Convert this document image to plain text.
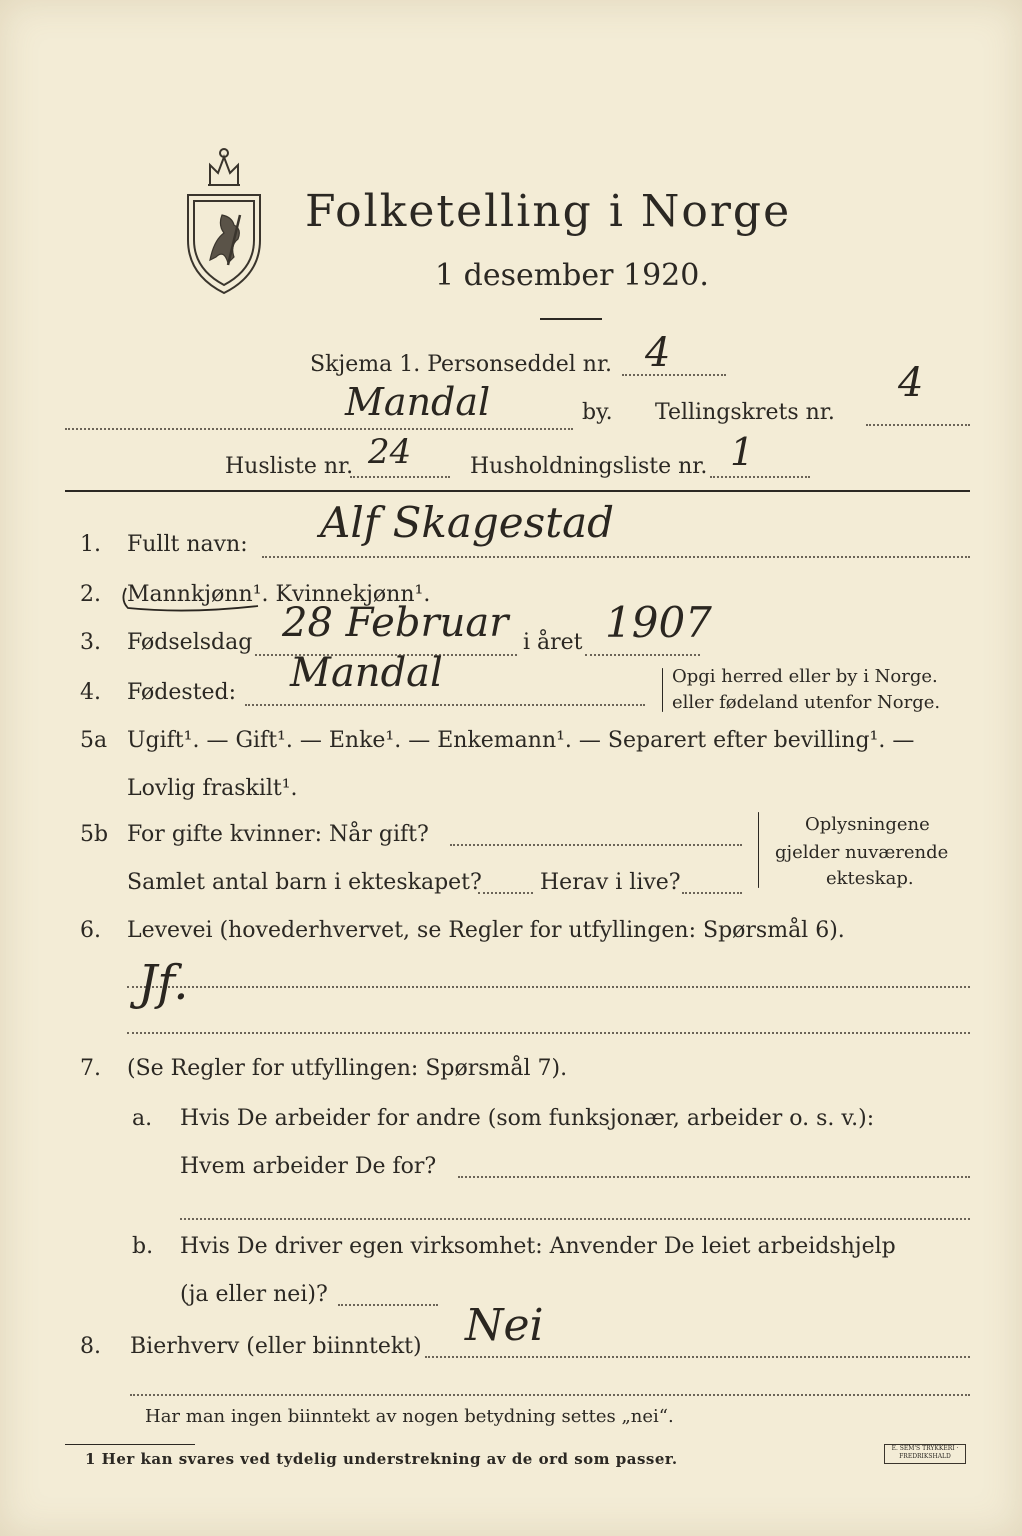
Folketelling i Norge
1 desember 1920.
Skjema 1. Personseddel nr. 4
Mandal	by. Tellingskrets nr.
4
Husliste nr. 24	Husholdningsliste nr. 1
1. Fullt navn: Alf Skagestad
2. Mannkjønn¹. Kvinnekjønn¹.
3. Fødselsdag 28 Februar i året 1907
4. Fødested: Mandal	Opgi herred eller by i Norge.
eller fødeland utenfor Norge.
5a Ugift¹. — Gift¹. — Enke¹. — Enkemann¹. — Separert efter bevilling¹. —
Lovlig fraskilt¹.
5b For gifte kvinner: Når gift?
Samlet antal barn i ekteskapet?	Herav i live?
Oplysningene
gjelder nuværende
ekteskap.
6. Levevei (hovederhvervet, se Regler for utfyllingen: Spørsmål 6).
Jf.
7. (Se Regler for utfyllingen: Spørsmål 7).
a. Hvis De arbeider for andre (som funksjonær, arbeider o. s. v.):
Hvem arbeider De for?
b. Hvis De driver egen virksomhet: Anvender De leiet arbeidshjelp
(ja eller nei)?
8. Bierhverv (eller biinntekt) Nei
Har man ingen biinntekt av nogen betydning settes „nei“.
1 Her kan svares ved tydelig understrekning av de ord som passer.
E. SEM'S TRYKKERI · FREDRIKSHALD
